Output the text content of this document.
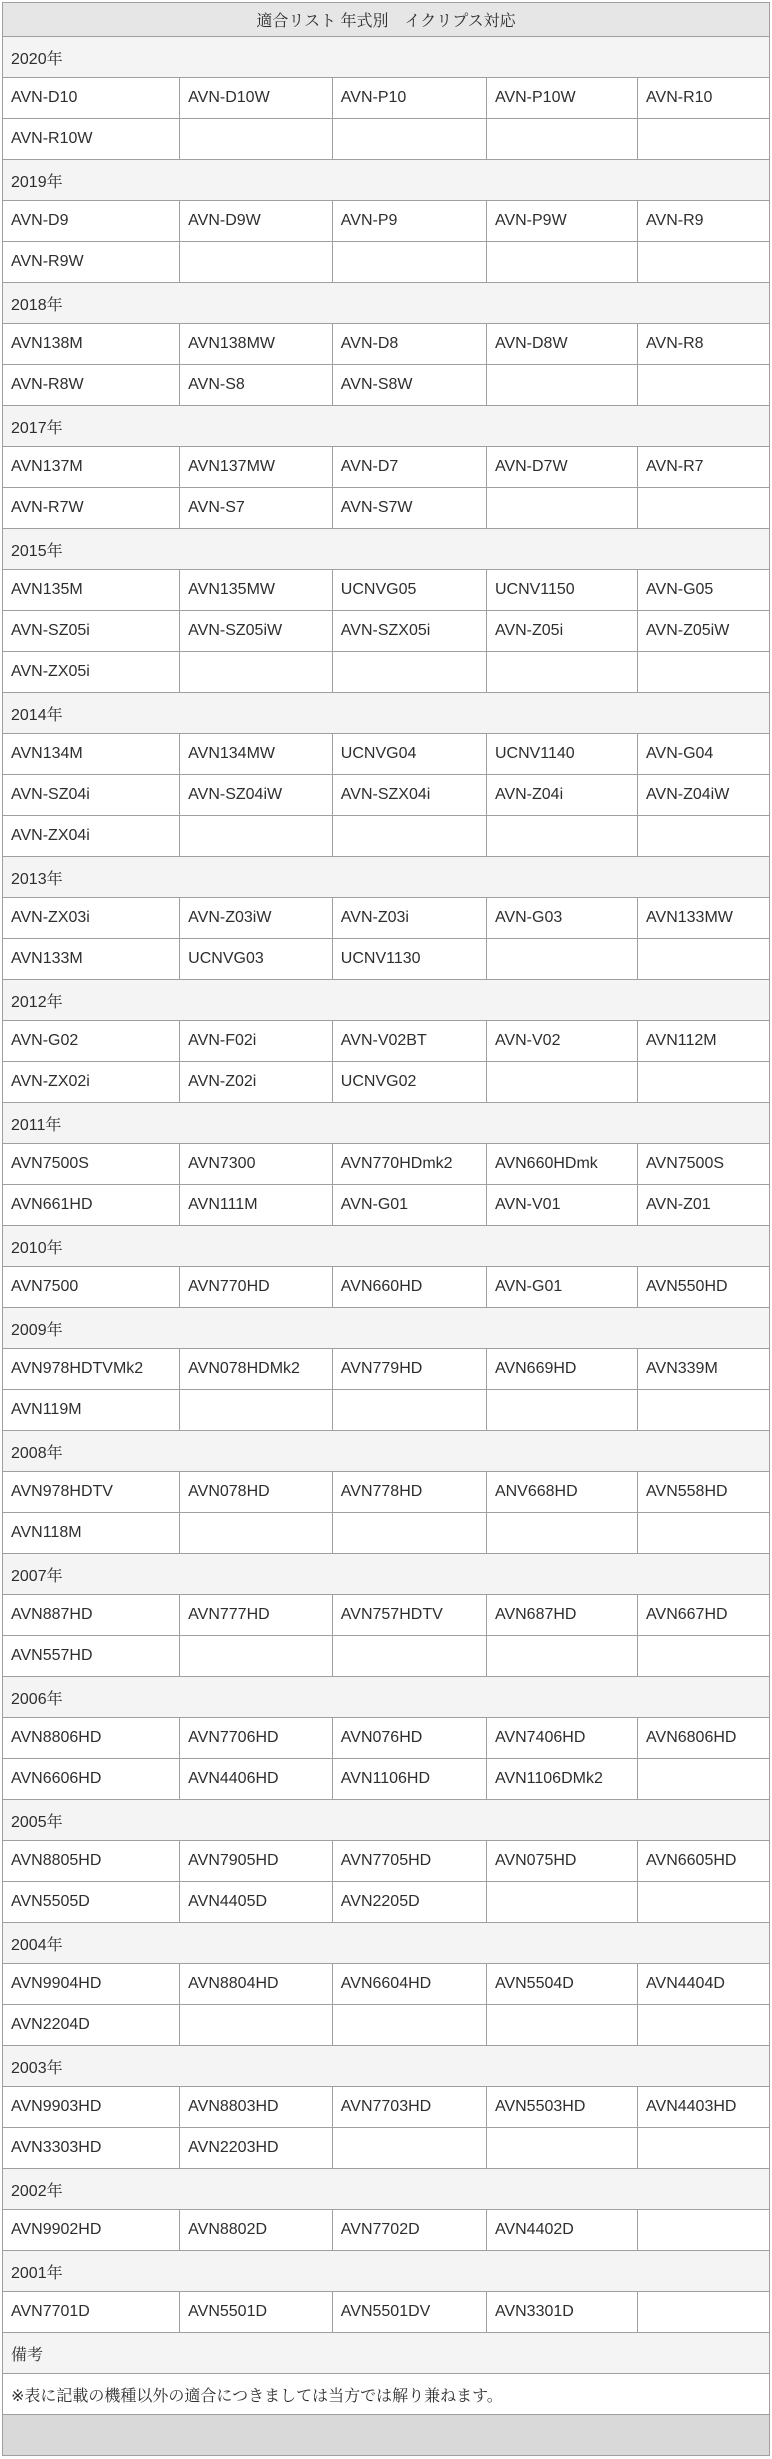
適合リスト 年式別　イクリプス対応				
2020年				
AVN-D10	AVN-D10W	AVN-P10	AVN-P10W	AVN-R10
AVN-R10W				
2019年				
AVN-D9	AVN-D9W	AVN-P9	AVN-P9W	AVN-R9
AVN-R9W				
2018年				
AVN138M	AVN138MW	AVN-D8	AVN-D8W	AVN-R8
AVN-R8W	AVN-S8	AVN-S8W		
2017年				
AVN137M	AVN137MW	AVN-D7	AVN-D7W	AVN-R7
AVN-R7W	AVN-S7	AVN-S7W		
2015年				
AVN135M	AVN135MW	UCNVG05	UCNV1150	AVN-G05
AVN-SZ05i	AVN-SZ05iW	AVN-SZX05i	AVN-Z05i	AVN-Z05iW
AVN-ZX05i				
2014年				
AVN134M	AVN134MW	UCNVG04	UCNV1140	AVN-G04
AVN-SZ04i	AVN-SZ04iW	AVN-SZX04i	AVN-Z04i	AVN-Z04iW
AVN-ZX04i				
2013年				
AVN-ZX03i	AVN-Z03iW	AVN-Z03i	AVN-G03	AVN133MW
AVN133M	UCNVG03	UCNV1130		
2012年				
AVN-G02	AVN-F02i	AVN-V02BT	AVN-V02	AVN112M
AVN-ZX02i	AVN-Z02i	UCNVG02		
2011年				
AVN7500S	AVN7300	AVN770HDmk2	AVN660HDmk	AVN7500S
AVN661HD	AVN111M	AVN-G01	AVN-V01	AVN-Z01
2010年				
AVN7500	AVN770HD	AVN660HD	AVN-G01	AVN550HD
2009年				
AVN978HDTVMk2	AVN078HDMk2	AVN779HD	AVN669HD	AVN339M
AVN119M				
2008年				
AVN978HDTV	AVN078HD	AVN778HD	ANV668HD	AVN558HD
AVN118M				
2007年				
AVN887HD	AVN777HD	AVN757HDTV	AVN687HD	AVN667HD
AVN557HD				
2006年				
AVN8806HD	AVN7706HD	AVN076HD	AVN7406HD	AVN6806HD
AVN6606HD	AVN4406HD	AVN1106HD	AVN1106DMk2	
2005年				
AVN8805HD	AVN7905HD	AVN7705HD	AVN075HD	AVN6605HD
AVN5505D	AVN4405D	AVN2205D		
2004年				
AVN9904HD	AVN8804HD	AVN6604HD	AVN5504D	AVN4404D
AVN2204D				
2003年				
AVN9903HD	AVN8803HD	AVN7703HD	AVN5503HD	AVN4403HD
AVN3303HD	AVN2203HD			
2002年				
AVN9902HD	AVN8802D	AVN7702D	AVN4402D	
2001年				
AVN7701D	AVN5501D	AVN5501DV	AVN3301D	
備考				
※表に記載の機種以外の適合につきましては当方では解り兼ねます。				
